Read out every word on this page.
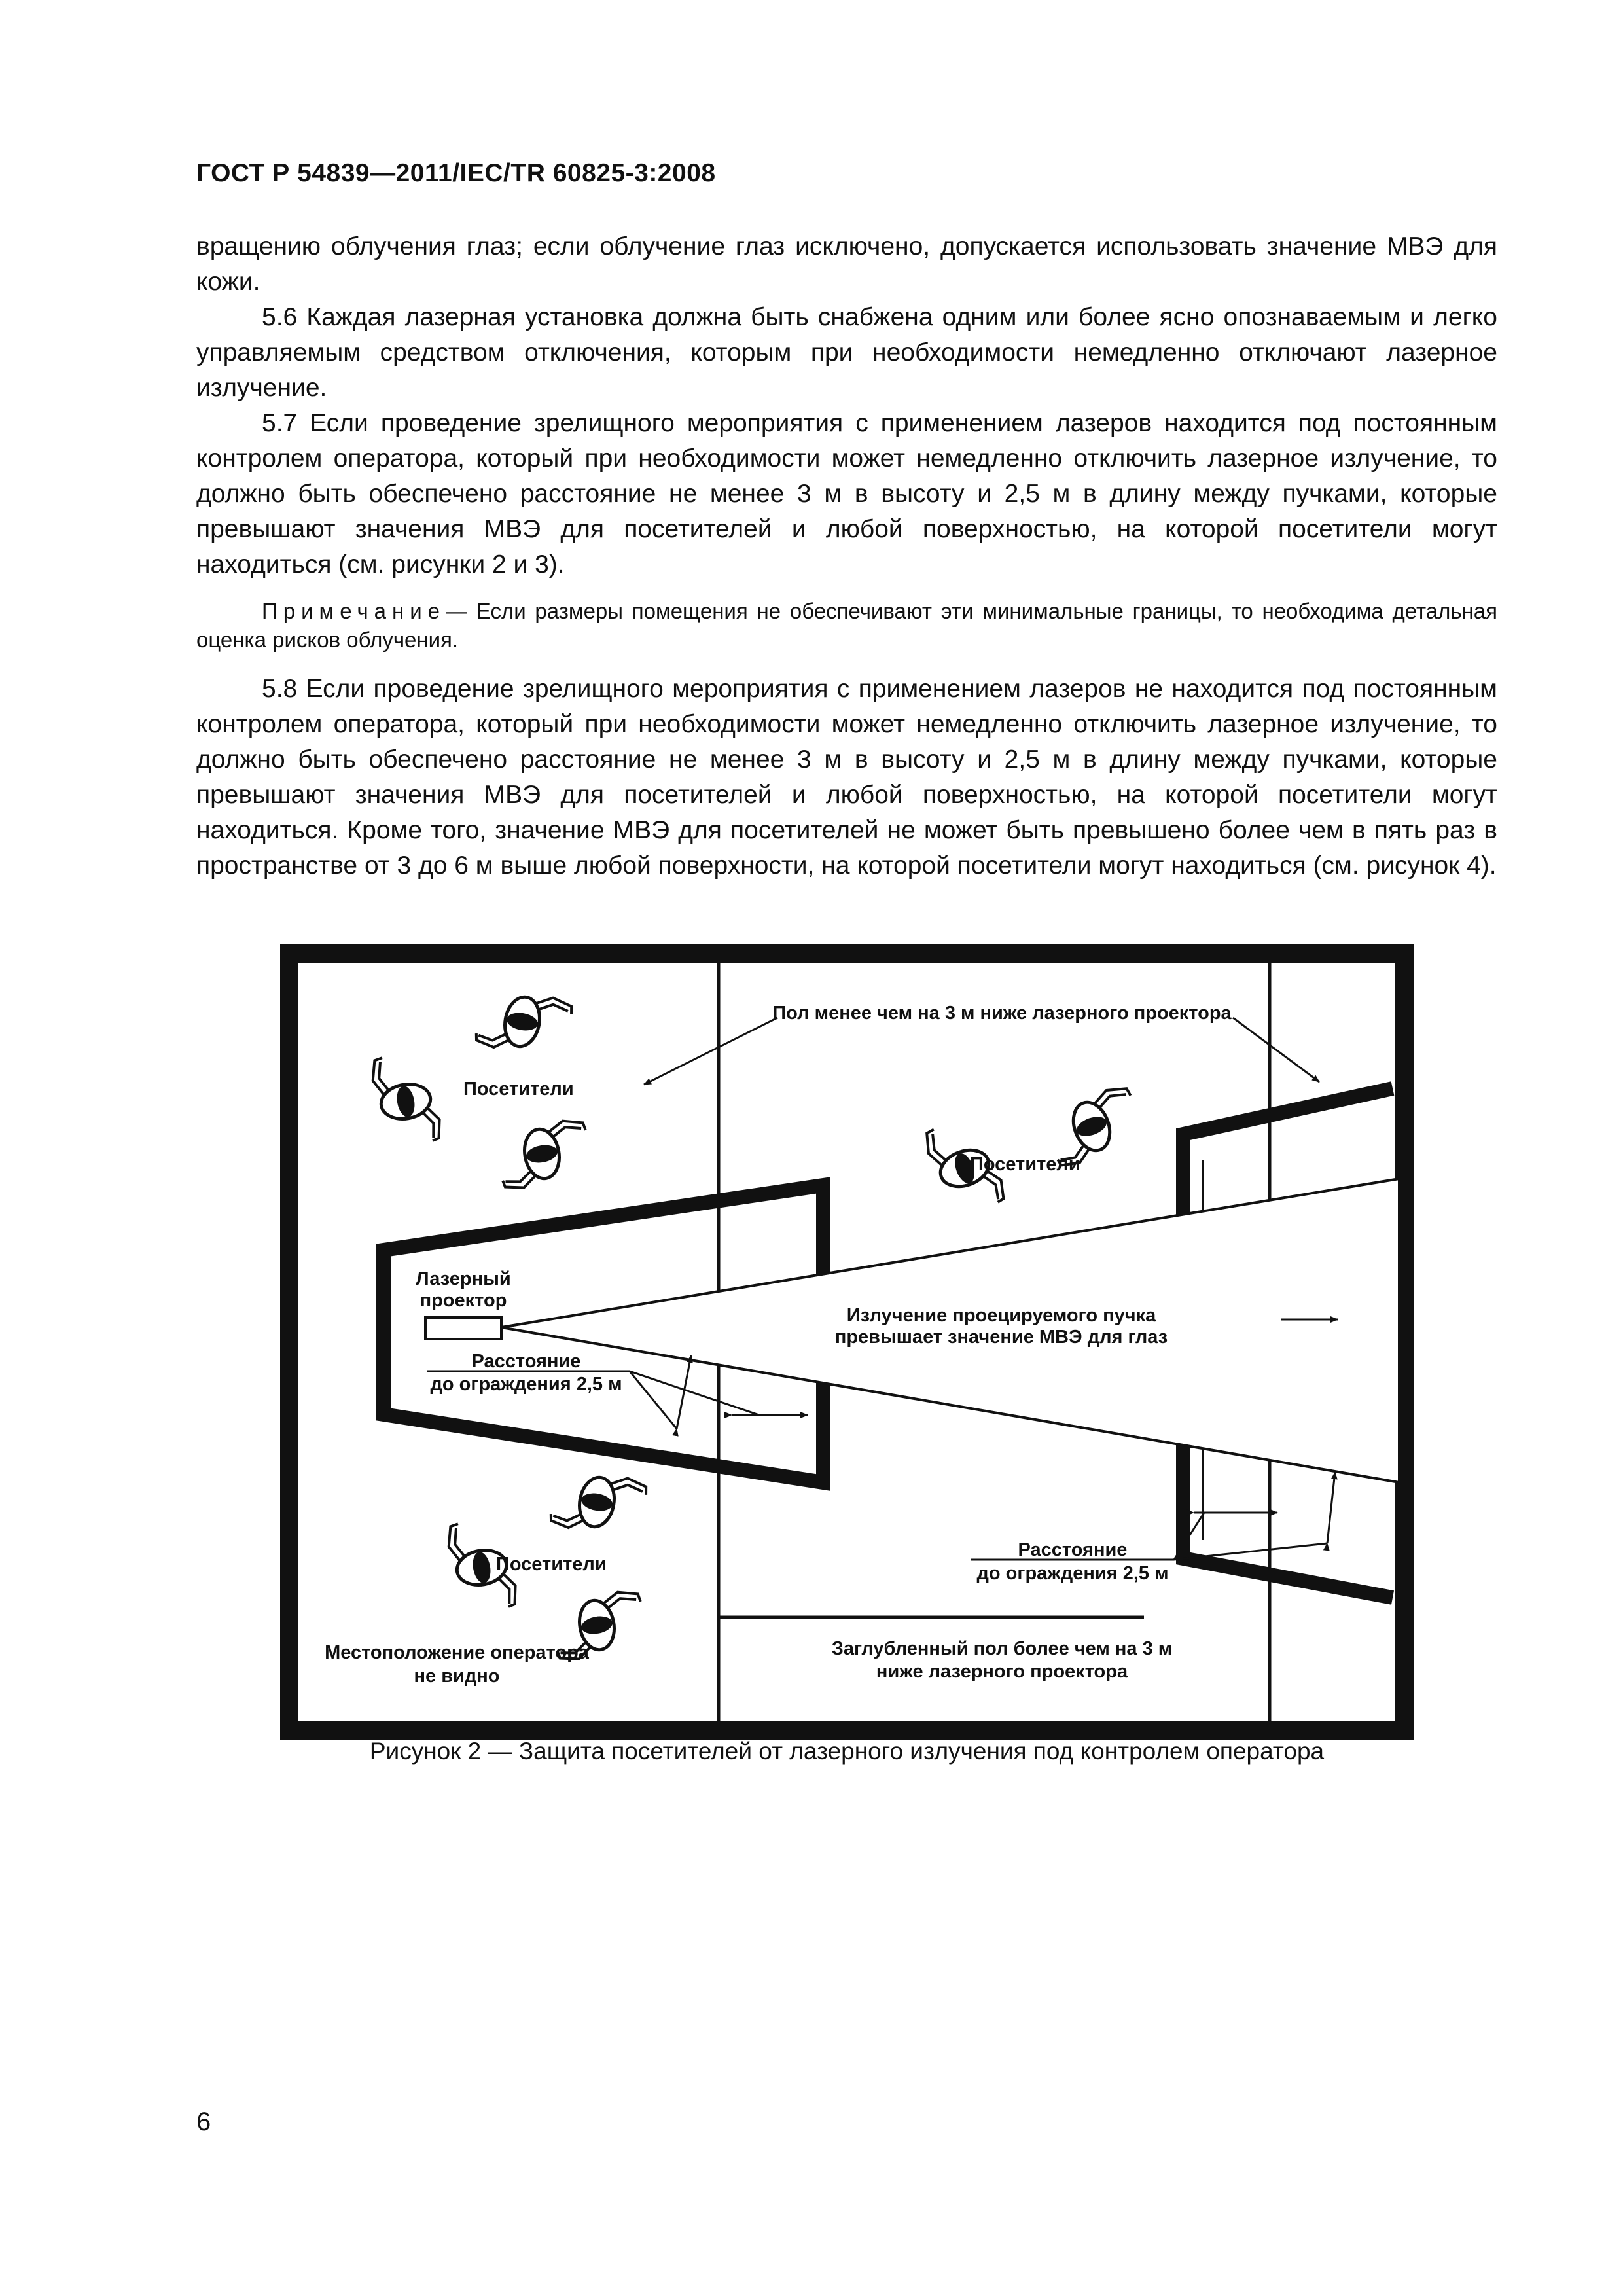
ГОСТ Р 54839—2011/IEC/TR 60825-3:2008

вращению облучения глаз; если облучение глаз исключено, допускается использовать значение МВЭ для кожи.

5.6 Каждая лазерная установка должна быть снабжена одним или более ясно опознаваемым и легко управляемым средством отключения, которым при необходимости немедленно отключают лазерное излучение.

5.7 Если проведение зрелищного мероприятия с применением лазеров находится под постоянным контролем оператора, который при необходимости может немедленно отключить лазерное излучение, то должно быть обеспечено расстояние не менее 3 м в высоту и 2,5 м в длину между пучками, которые превышают значения МВЭ для посетителей и любой поверхностью, на которой посетители могут находиться (см. рисунки 2 и 3).

Примечание— Если размеры помещения не обеспечивают эти минимальные границы, то необходима детальная оценка рисков облучения.

5.8 Если проведение зрелищного мероприятия с применением лазеров не находится под постоянным контролем оператора, который при необходимости может немедленно отключить лазерное излучение, то должно быть обеспечено расстояние не менее 3 м в высоту и 2,5 м в длину между пучками, которые превышают значения МВЭ для посетителей и любой поверхностью, на которой посетители могут находиться. Кроме того, значение МВЭ для посетителей не может быть превышено более чем в пять раз в пространстве от 3 до 6 м выше любой поверхности, на которой посетители могут находиться (см. рисунок 4).

Пол менее чем на 3 м ниже лазерного проектора
Посетители
Посетители
Посетители
Лазерный
проектор
Излучение проецируемого пучка
превышает значение МВЭ для глаз
Расстояние
до ограждения 2,5 м
Расстояние
до ограждения 2,5 м
Местоположение оператора
не видно
Заглубленный пол более чем на 3 м
ниже лазерного проектора
Рисунок 2 — Защита посетителей от лазерного излучения под контролем оператора
6
